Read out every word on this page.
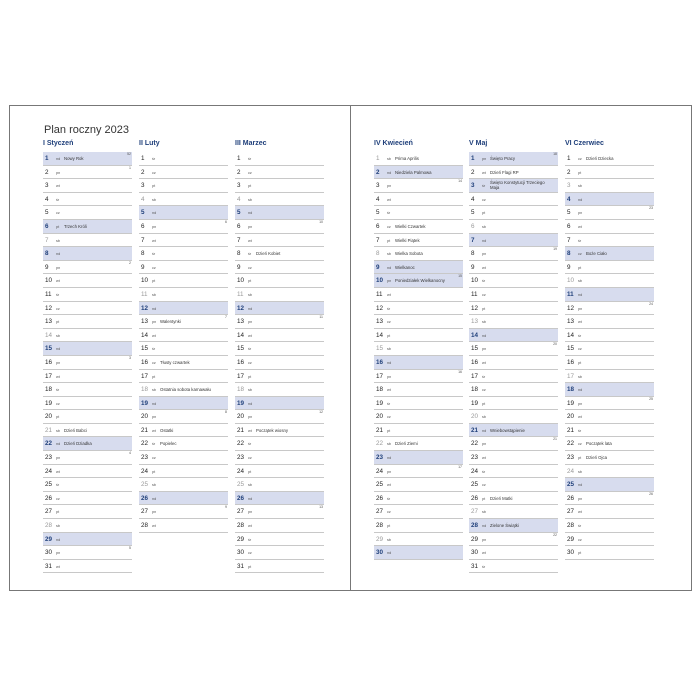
Plan roczny 2023
I Styczeń
1 nd Nowy Rok
52
2 pn
1
3 wt
4 śr
5 cz
6 pt Trzech Króli
7 sb
8 nd
9 pn
2
10 wt
11 śr
12 cz
13 pt
14 sb
15 nd
16 pn
3
17 wt
18 śr
19 cz
20 pt
21 sb Dzień Babci
22 nd Dzień Dziadka
23 pn
4
24 wt
25 śr
26 cz
27 pt
28 sb
29 nd
30 pn
5
31 wt
II Luty
1 śr
2 cz
3 pt
4 sb
5 nd
6 pn
6
7 wt
8 śr
9 cz
10 pt
11 sb
12 nd
13 pn Walentynki
7
14 wt
15 śr
16 cz Tłusty czwartek
17 pt
18 sb Ostatnia sobota karnawału
19 nd
20 pn
8
21 wt Ostatki
22 śr Popielec
23 cz
24 pt
25 sb
26 nd
27 pn
9
28 wt
III Marzec
1 śr
2 cz
3 pt
4 sb
5 nd
6 pn
10
7 wt
8 śr Dzień Kobiet
9 cz
10 pt
11 sb
12 nd
13 pn
11
14 wt
15 śr
16 cz
17 pt
18 sb
19 nd
20 pn
12
21 wt Początek wiosny
22 śr
23 cz
24 pt
25 sb
26 nd
27 pn
13
28 wt
29 śr
30 cz
31 pt
IV Kwiecień
1 sb Prima Aprilis
2 nd Niedziela Palmowa
3 pn
14
4 wt
5 śr
6 cz Wielki Czwartek
7 pt Wielki Piątek
8 sb Wielka Sobota
9 nd Wielkanoc
10 pn Poniedziałek Wielkanocny
15
11 wt
12 śr
13 cz
14 pt
15 sb
16 nd
17 pn
16
18 wt
19 śr
20 cz
21 pt
22 sb Dzień Ziemi
23 nd
24 pn
17
25 wt
26 śr
27 cz
28 pt
29 sb
30 nd
V Maj
1 pn Święto Pracy
18
2 wt Dzień Flagi RP
3 śr
Święto Konstytucji Trzeciego Maja
4 cz
5 pt
6 sb
7 nd
8 pn
19
9 wt
10 śr
11 cz
12 pt
13 sb
14 nd
15 pn
20
16 wt
17 śr
18 cz
19 pt
20 sb
21 nd Wniebowstąpienie
22 pn
21
23 wt
24 śr
25 cz
26 pt Dzień Matki
27 sb
28 nd Zielone Świątki
29 pn
22
30 wt
31 śr
VI Czerwiec
1 cz Dzień Dziecka
2 pt
3 sb
4 nd
5 pn
23
6 wt
7 śr
8 cz Boże Ciało
9 pt
10 sb
11 nd
12 pn
24
13 wt
14 śr
15 cz
16 pt
17 sb
18 nd
19 pn
25
20 wt
21 śr
22 cz Początek lata
23 pt Dzień Ojca
24 sb
25 nd
26 pn
26
27 wt
28 śr
29 cz
30 pt
